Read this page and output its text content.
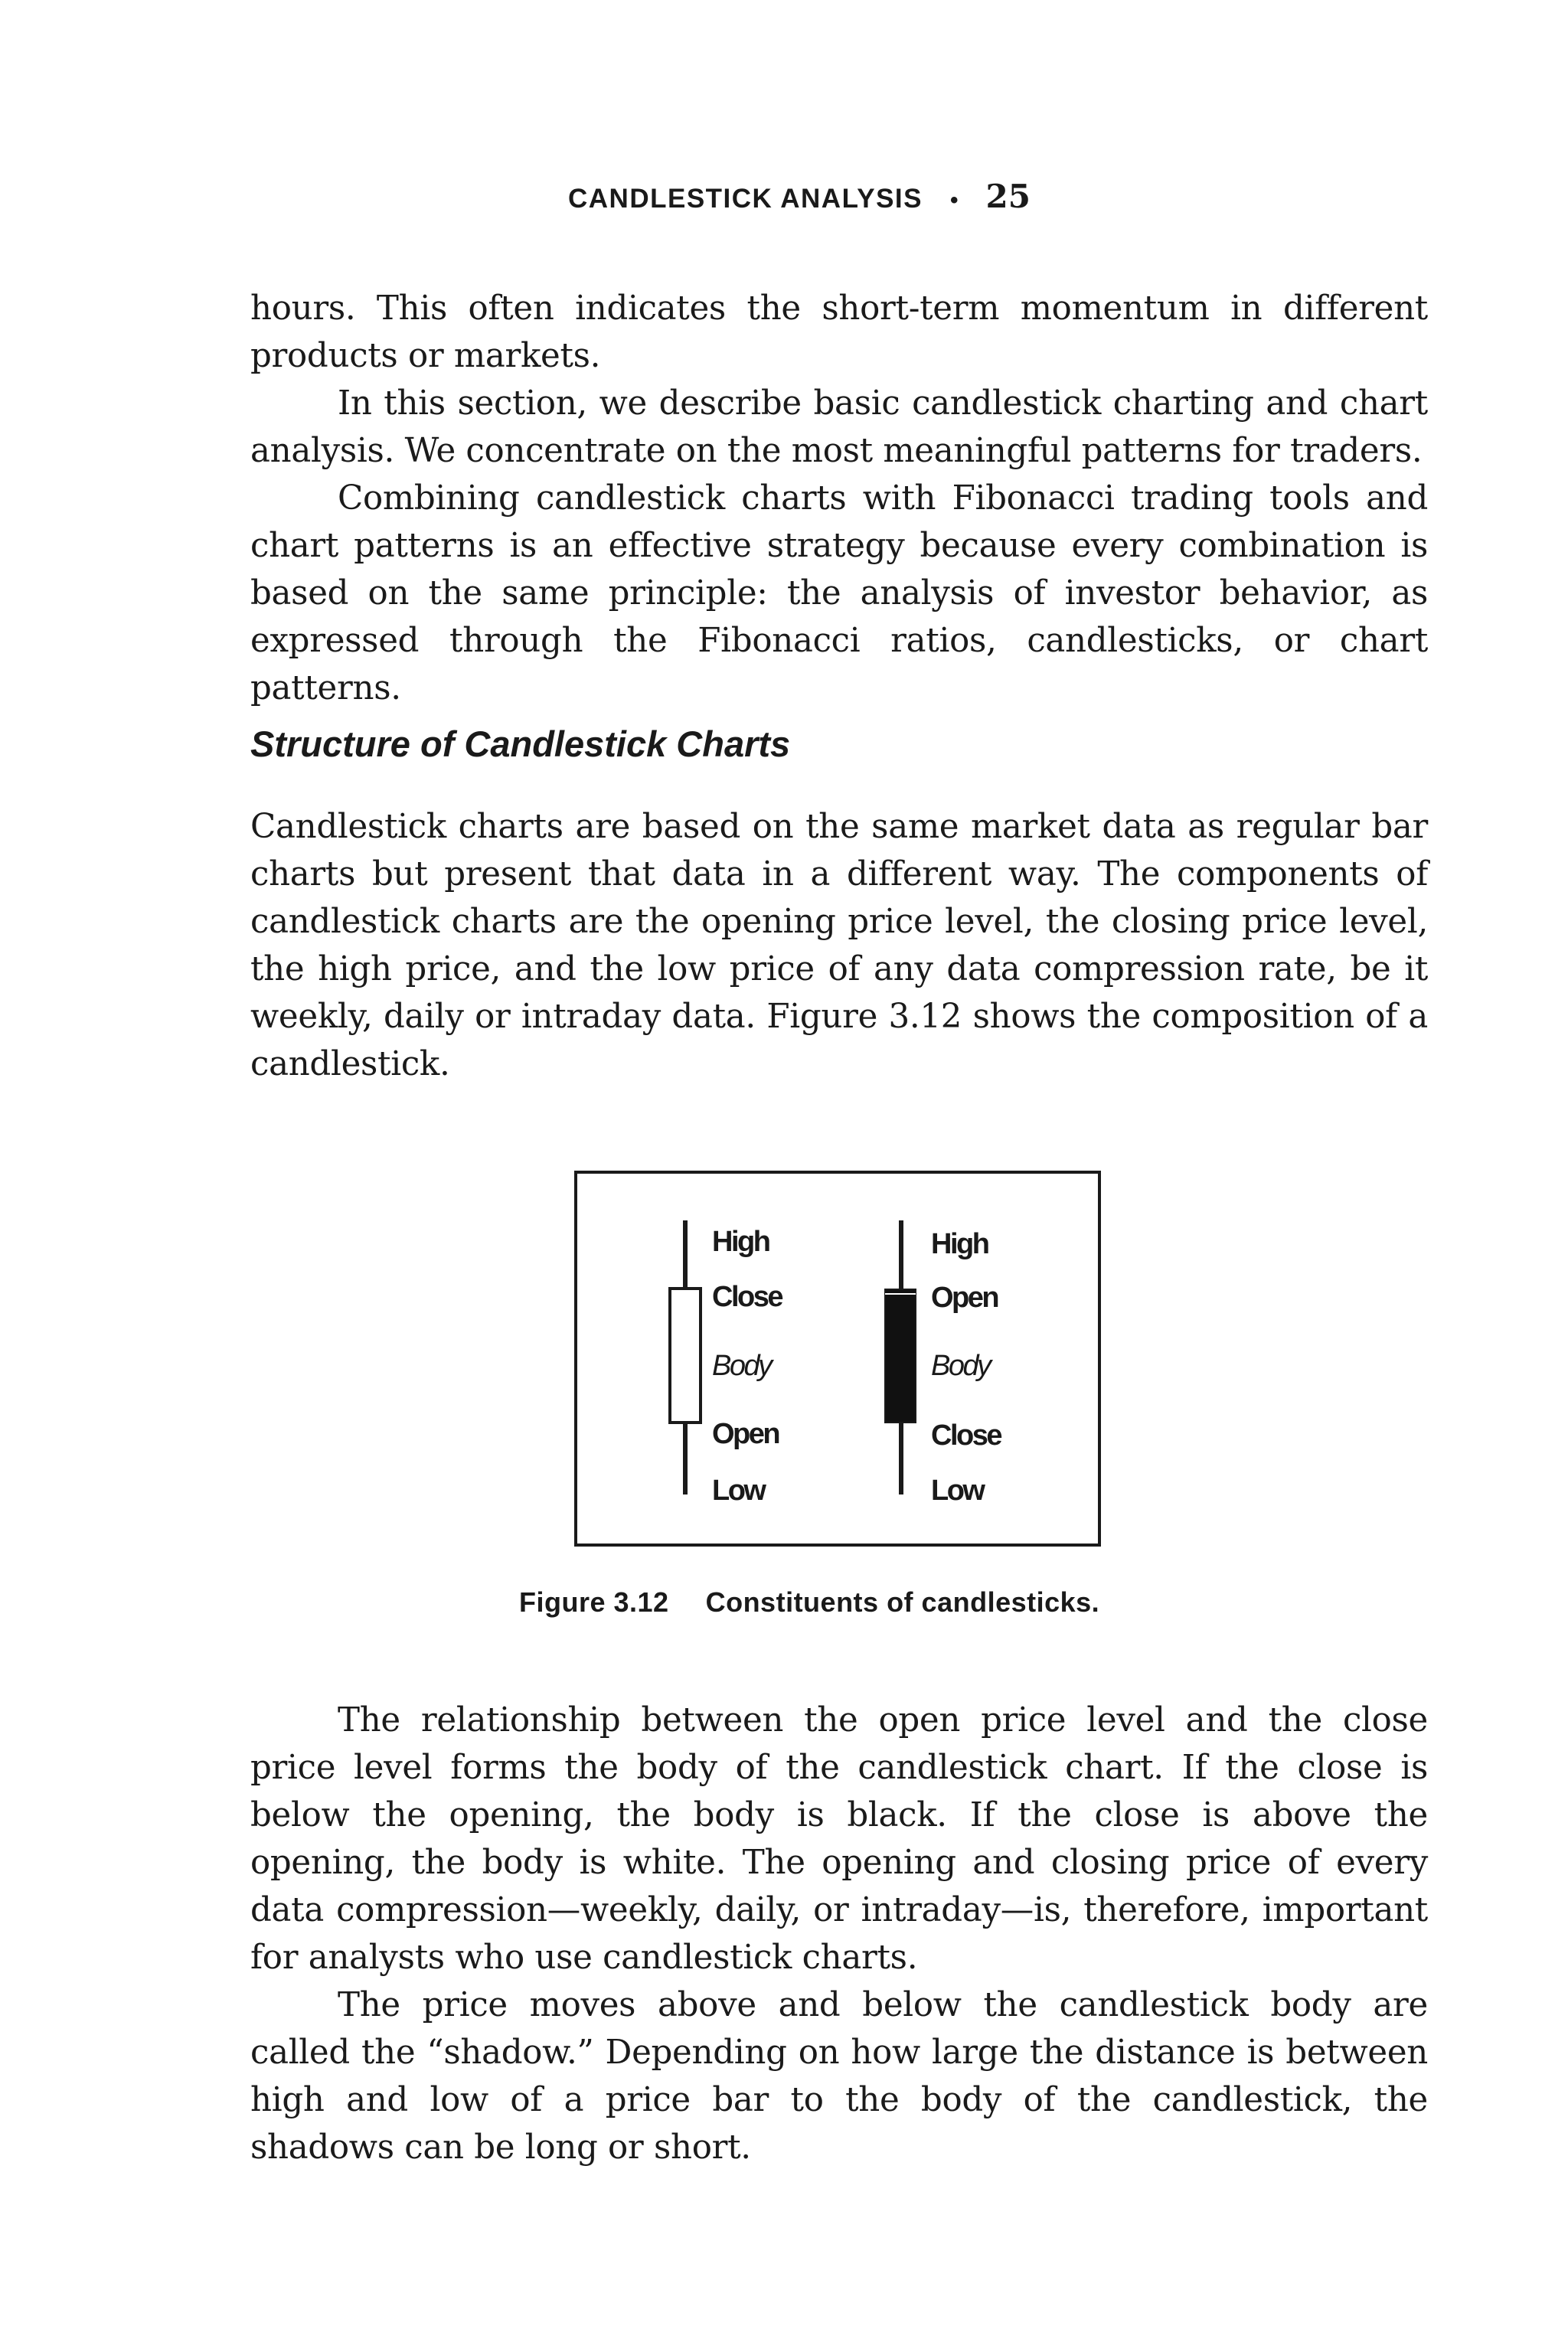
CANDLESTICK ANALYSIS • 25

hours. This often indicates the short-term momentum in different products or markets.

In this section, we describe basic candlestick charting and chart analysis. We concentrate on the most meaningful patterns for traders.

Combining candlestick charts with Fibonacci trading tools and chart patterns is an effective strategy because every combination is based on the same principle: the analysis of investor behavior, as expressed through the Fibonacci ratios, candlesticks, or chart patterns.

Structure of Candlestick Charts

Candlestick charts are based on the same market data as regular bar charts but present that data in a different way. The components of candlestick charts are the opening price level, the closing price level, the high price, and the low price of any data compression rate, be it weekly, daily or intraday data. Figure 3.12 shows the composition of a candlestick.

High
Close
Body
Open
Low
High
Open
Body
Close
Low
Figure 3.12 Constituents of candlesticks.

The relationship between the open price level and the close price level forms the body of the candlestick chart. If the close is below the opening, the body is black. If the close is above the opening, the body is white. The opening and closing price of every data compression—weekly, daily, or intraday—is, therefore, important for analysts who use candlestick charts.

The price moves above and below the candlestick body are called the “shadow.” Depending on how large the distance is between high and low of a price bar to the body of the candlestick, the shadows can be long or short.
